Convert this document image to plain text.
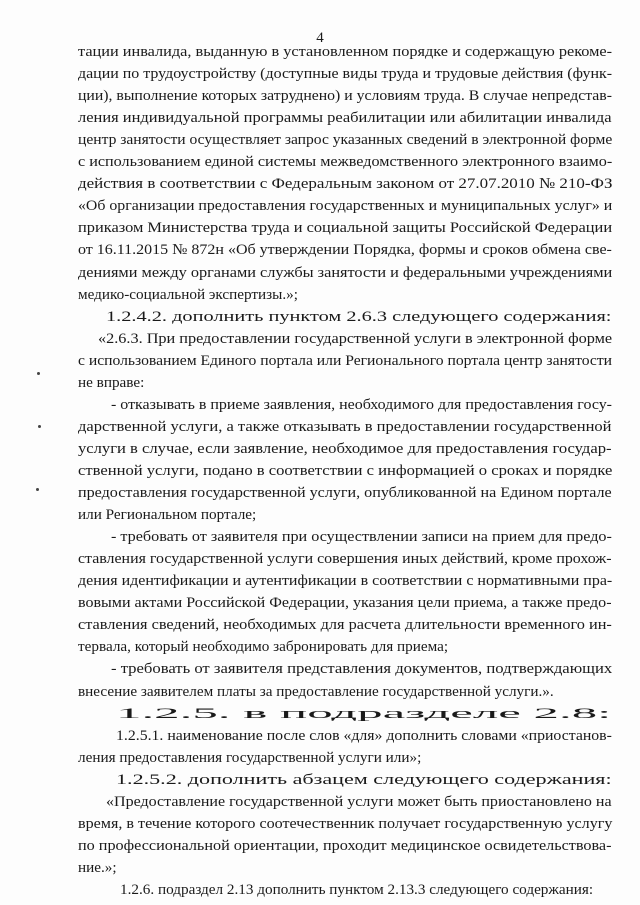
4
тации инвалида, выданную в установленном порядке и содержащую рекоме-
дации по трудоустройству (доступные виды труда и трудовые действия (функ-
ции), выполнение которых затруднено) и условиям труда. В случае непредстав-
ления индивидуальной программы реабилитации или абилитации инвалида
центр занятости осуществляет запрос указанных сведений в электронной форме
с использованием единой системы межведомственного электронного взаимо-
действия в соответствии с Федеральным законом от 27.07.2010 № 210-ФЗ
«Об организации предоставления государственных и муниципальных услуг» и
приказом Министерства труда и социальной защиты Российской Федерации
от 16.11.2015 № 872н «Об утверждении Порядка, формы и сроков обмена све-
дениями между органами службы занятости и федеральными учреждениями
медико-социальной экспертизы.»;
1.2.4.2. дополнить пунктом 2.6.3 следующего содержания:
«2.6.3. При предоставлении государственной услуги в электронной форме
с использованием Единого портала или Регионального портала центр занятости
не вправе:
- отказывать в приеме заявления, необходимого для предоставления госу-
дарственной услуги, а также отказывать в предоставлении государственной
услуги в случае, если заявление, необходимое для предоставления государ-
ственной услуги, подано в соответствии с информацией о сроках и порядке
предоставления государственной услуги, опубликованной на Едином портале
или Региональном портале;
- требовать от заявителя при осуществлении записи на прием для предо-
ставления государственной услуги совершения иных действий, кроме прохож-
дения идентификации и аутентификации в соответствии с нормативными пра-
вовыми актами Российской Федерации, указания цели приема, а также предо-
ставления сведений, необходимых для расчета длительности временного ин-
тервала, который необходимо забронировать для приема;
- требовать от заявителя представления документов, подтверждающих
внесение заявителем платы за предоставление государственной услуги.».
1.2.5. в подразделе 2.8:
1.2.5.1. наименование после слов «для» дополнить словами «приостанов-
ления предоставления государственной услуги или»;
1.2.5.2. дополнить абзацем следующего содержания:
«Предоставление государственной услуги может быть приостановлено на
время, в течение которого соотечественник получает государственную услугу
по профессиональной ориентации, проходит медицинское освидетельствова-
ние.»;
1.2.6. подраздел 2.13 дополнить пунктом 2.13.3 следующего содержания:
